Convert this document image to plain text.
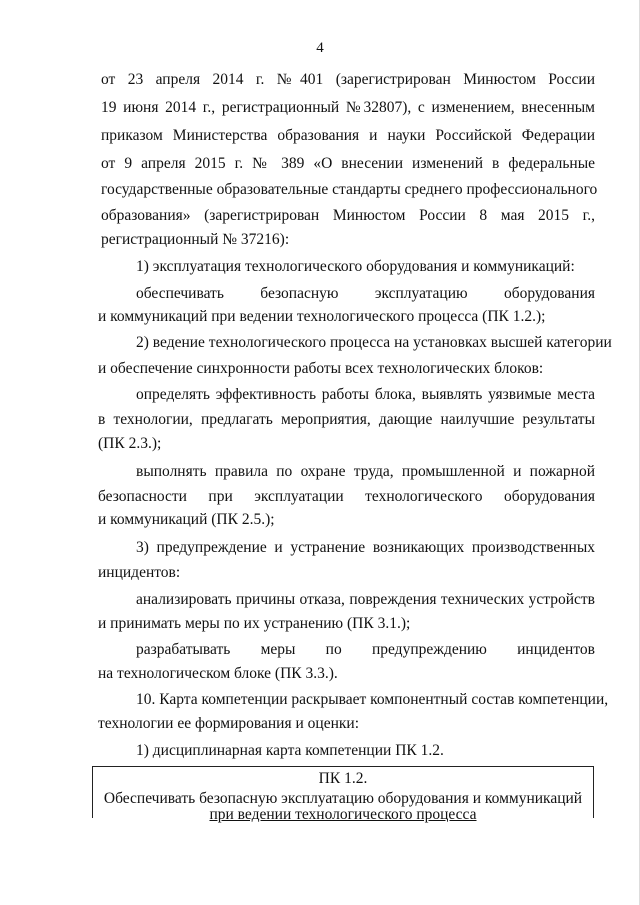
4
от 23 апреля 2014 г. №401 (зарегистрирован Минюстом России
19 июня 2014 г., регистрационный №32807), с изменением, внесенным
приказом Министерства образования и науки Российской Федерации
от 9 апреля 2015 г. № 389 «О внесении изменений в федеральные
государственные образовательные стандарты среднего профессионального
образования» (зарегистрирован Минюстом России 8 мая 2015 г.,
регистрационный № 37216):
1) эксплуатация технологического оборудования и коммуникаций:
обеспечивать безопасную эксплуатацию оборудования
и коммуникаций при ведении технологического процесса (ПК 1.2.);
2) ведение технологического процесса на установках высшей категории
и обеспечение синхронности работы всех технологических блоков:
определять эффективность работы блока, выявлять уязвимые места
в технологии, предлагать мероприятия, дающие наилучшие результаты
(ПК 2.3.);
выполнять правила по охране труда, промышленной и пожарной
безопасности при эксплуатации технологического оборудования
и коммуникаций (ПК 2.5.);
3) предупреждение и устранение возникающих производственных
инцидентов:
анализировать причины отказа, повреждения технических устройств
и принимать меры по их устранению (ПК 3.1.);
разрабатывать меры по предупреждению инцидентов
на технологическом блоке (ПК 3.3.).
10. Карта компетенции раскрывает компонентный состав компетенции,
технологии ее формирования и оценки:
1) дисциплинарная карта компетенции ПК 1.2.
ПК 1.2.
Обеспечивать безопасную эксплуатацию оборудования и коммуникаций
при ведении технологического процесса
